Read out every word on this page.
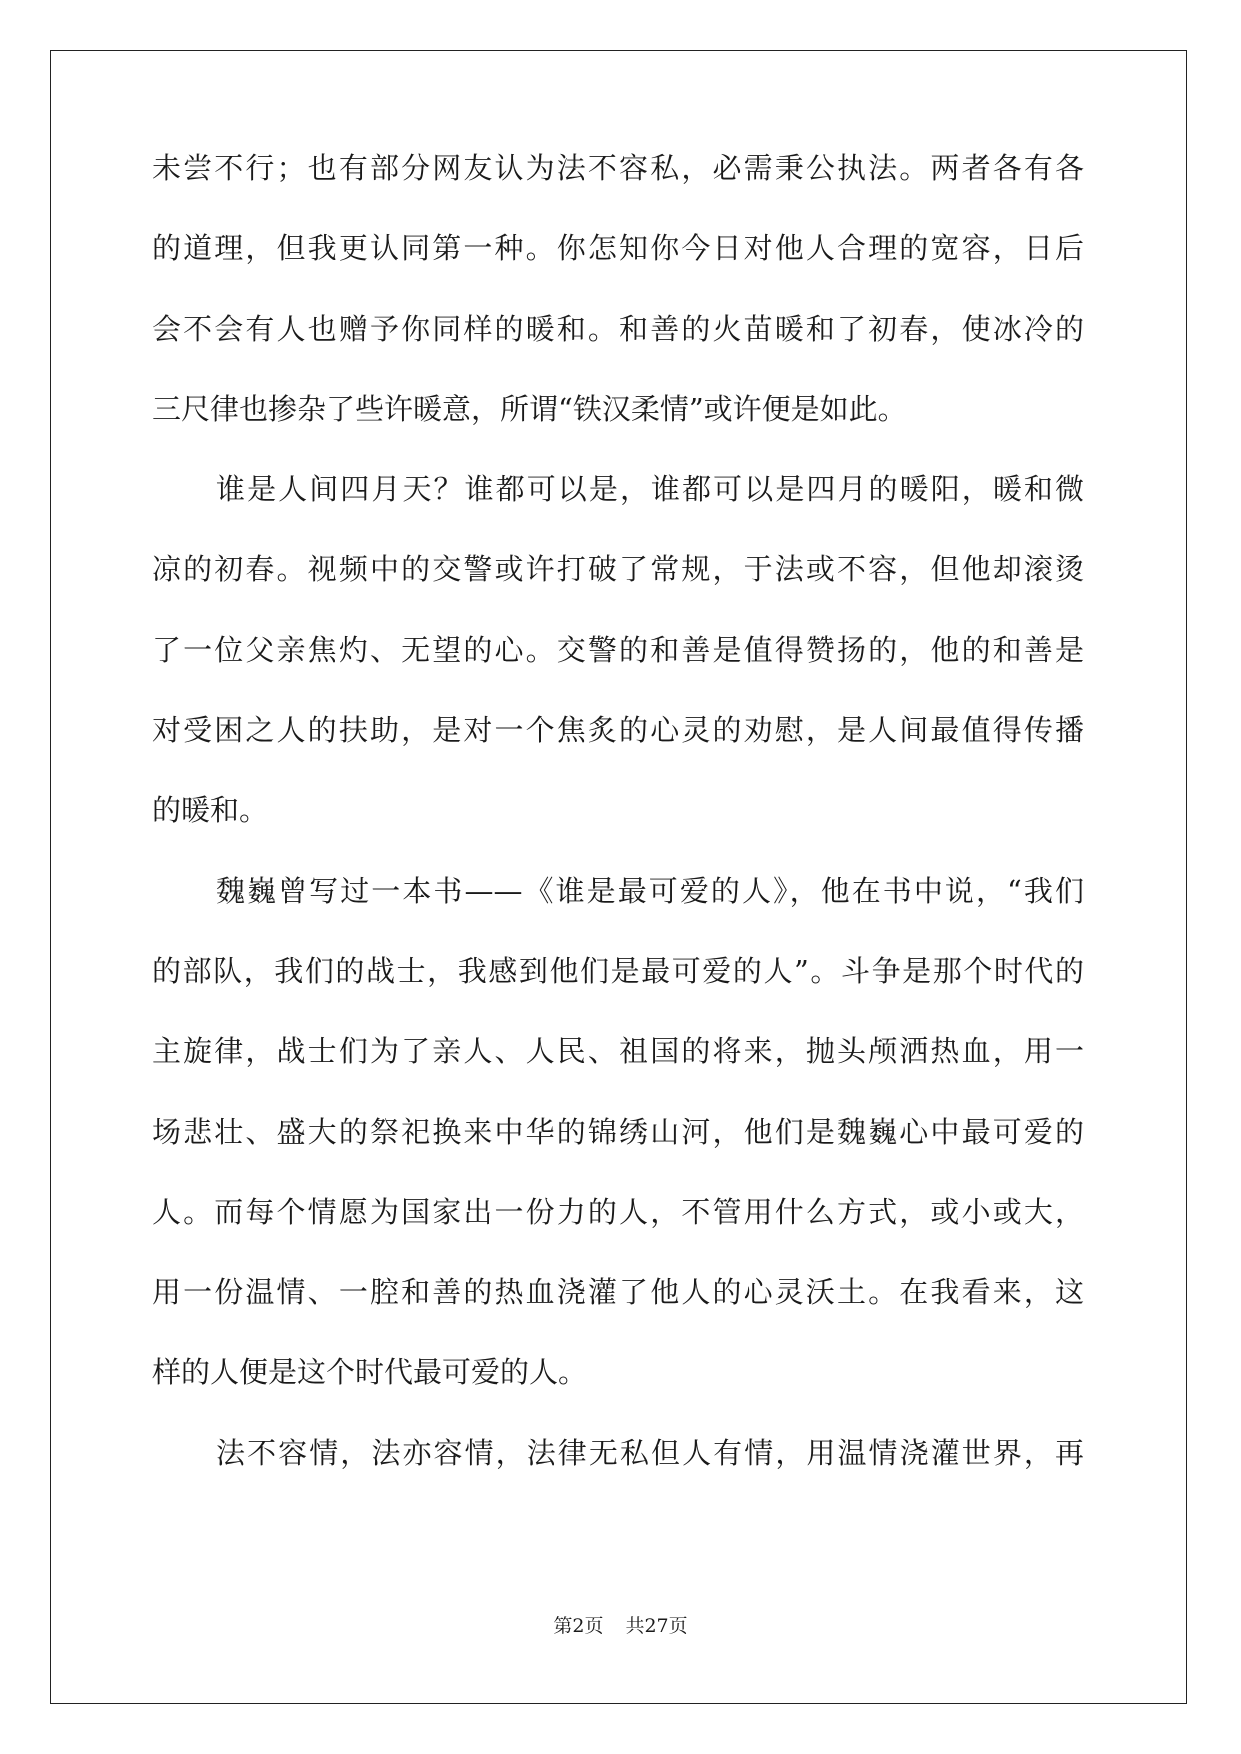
未尝不行；也有部分网友认为法不容私，必需秉公执法。两者各有各

的道理，但我更认同第一种。你怎知你今日对他人合理的宽容，日后

会不会有人也赠予你同样的暖和。和善的火苗暖和了初春，使冰冷的

三尺律也掺杂了些许暖意，所谓“铁汉柔情”或许便是如此。

谁是人间四月天？谁都可以是，谁都可以是四月的暖阳，暖和微

凉的初春。视频中的交警或许打破了常规，于法或不容，但他却滚烫

了一位父亲焦灼、无望的心。交警的和善是值得赞扬的，他的和善是

对受困之人的扶助，是对一个焦炙的心灵的劝慰，是人间最值得传播

的暖和。

魏巍曾写过一本书——《谁是最可爱的人》，他在书中说，“我们

的部队，我们的战士，我感到他们是最可爱的人”。斗争是那个时代的

主旋律，战士们为了亲人、人民、祖国的将来，抛头颅洒热血，用一

场悲壮、盛大的祭祀换来中华的锦绣山河，他们是魏巍心中最可爱的

人。而每个情愿为国家出一份力的人，不管用什么方式，或小或大，

用一份温情、一腔和善的热血浇灌了他人的心灵沃土。在我看来，这

样的人便是这个时代最可爱的人。

法不容情，法亦容情，法律无私但人有情，用温情浇灌世界，再

第2页 共27页
